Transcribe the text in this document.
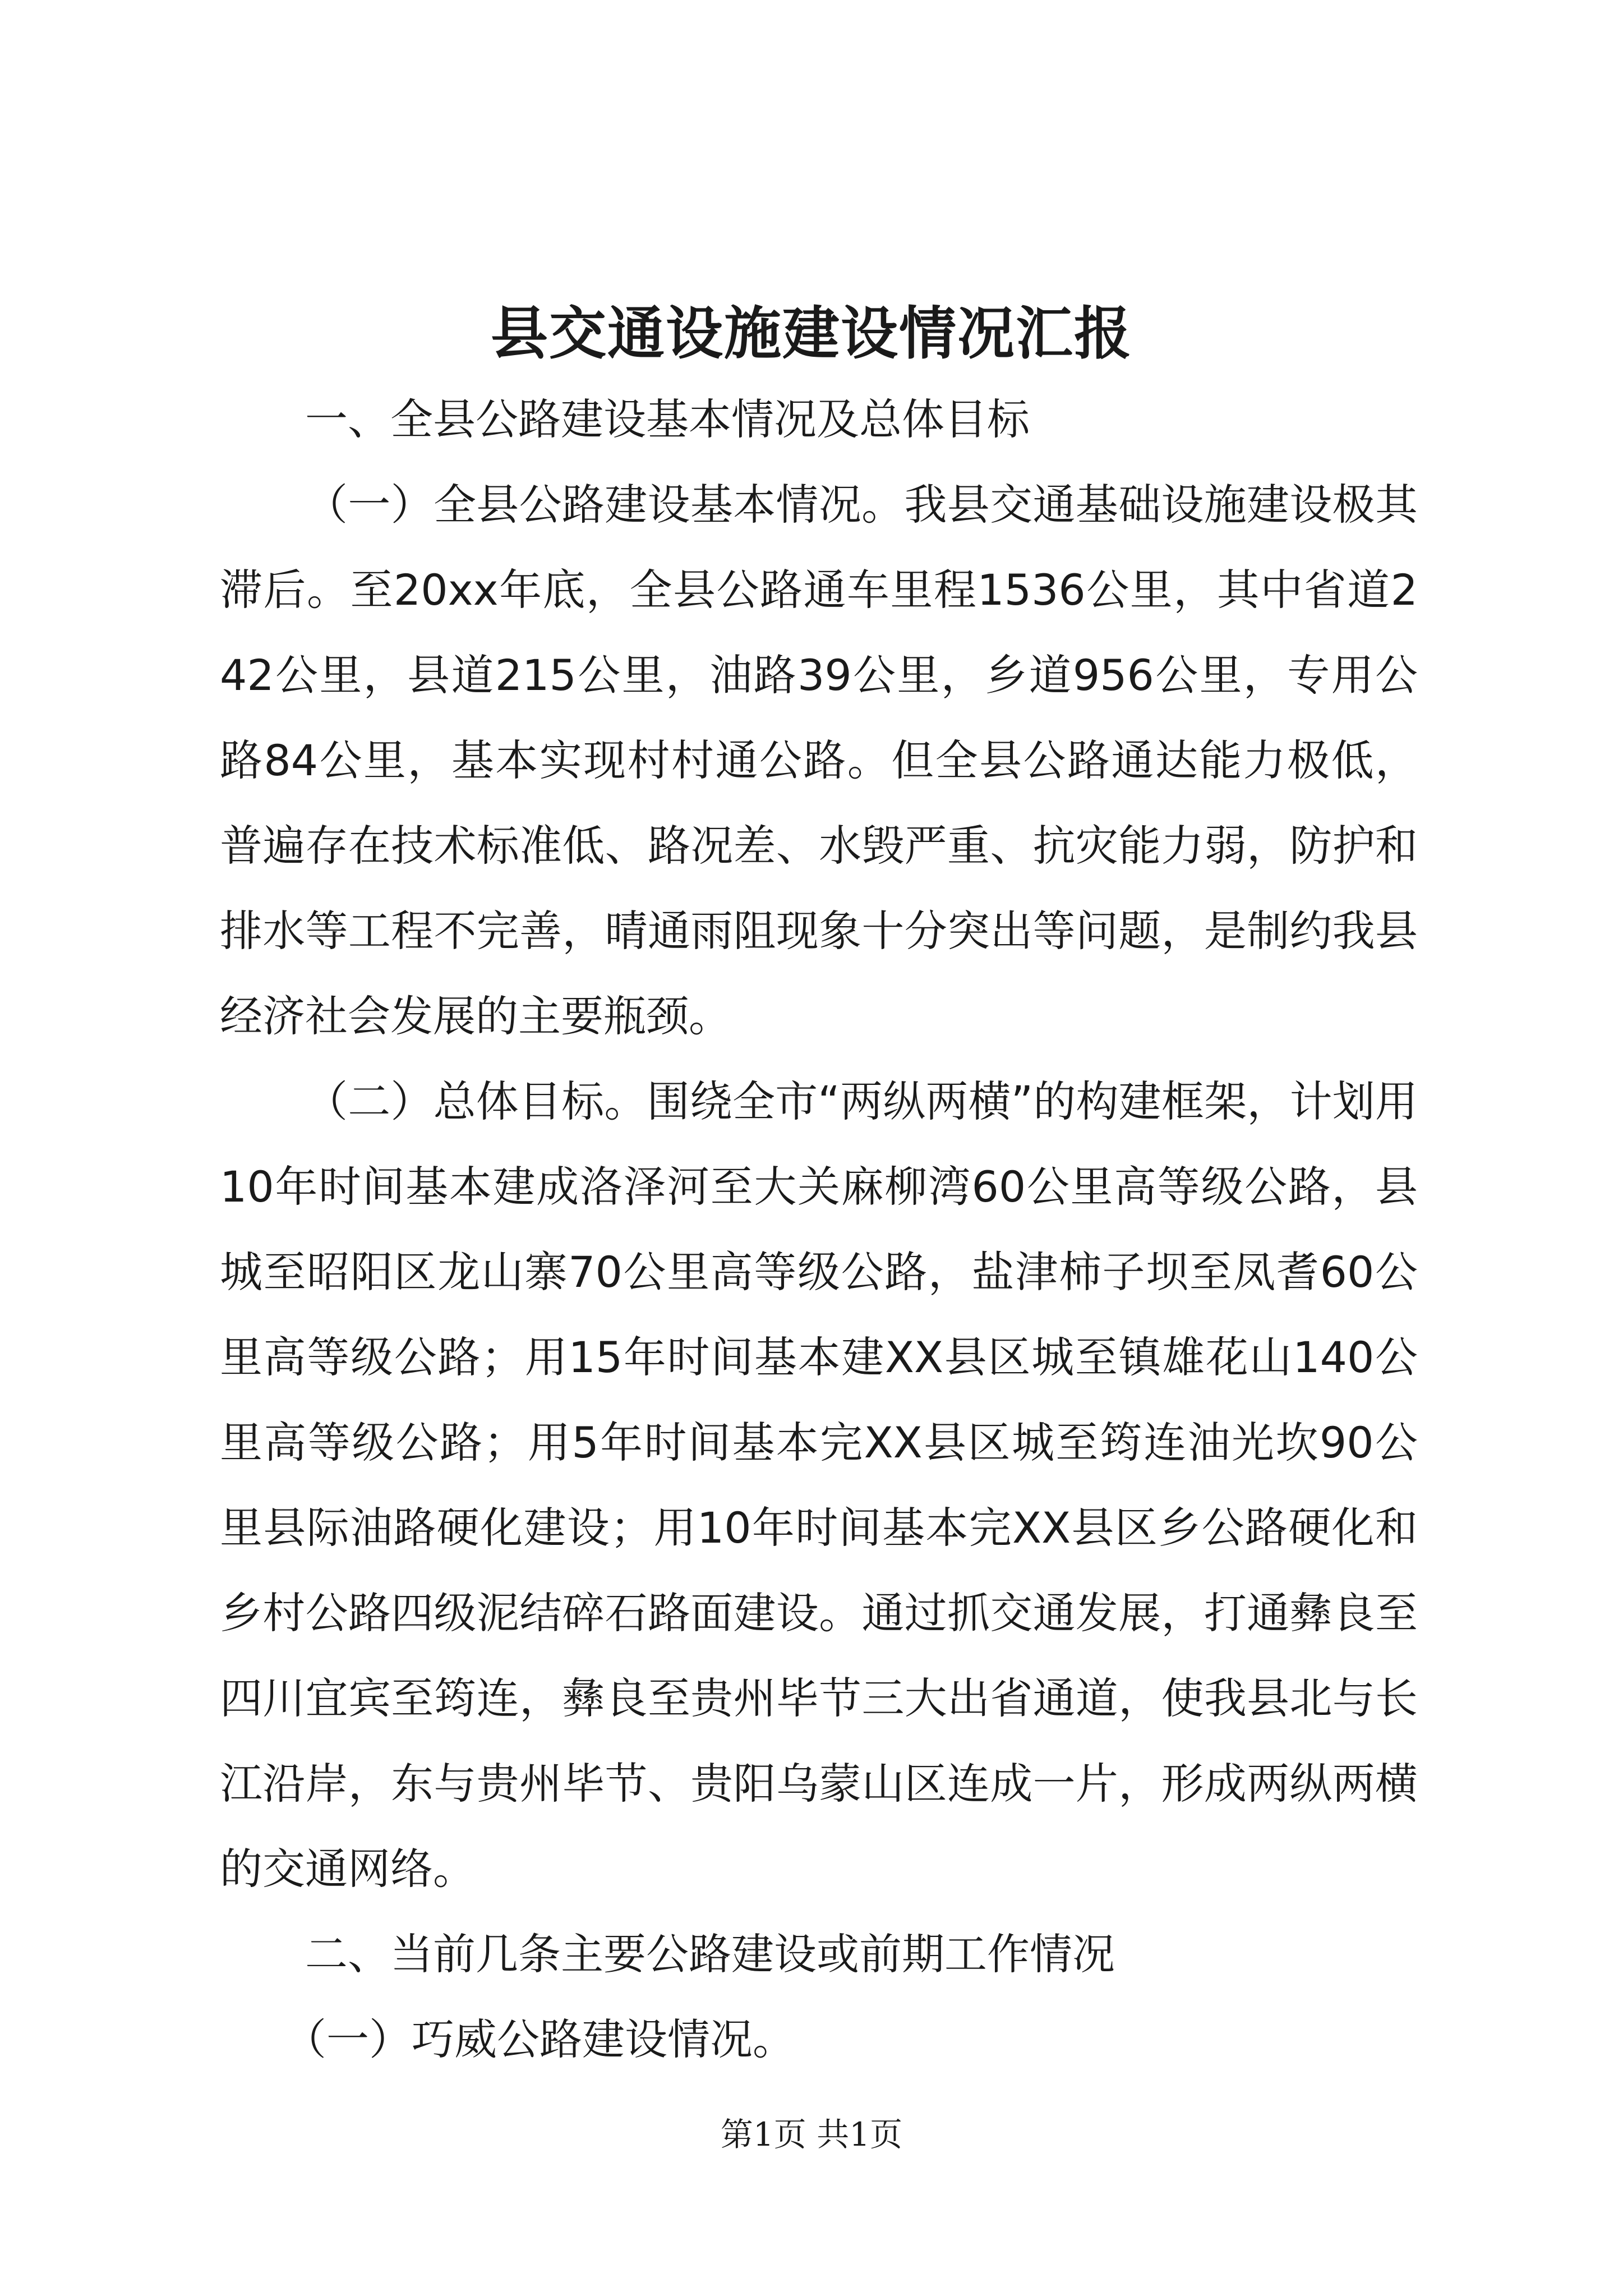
县交通设施建设情况汇报

一、全县公路建设基本情况及总体目标

（一）全县公路建设基本情况。我县交通基础设施建设极其滞后。至20xx年底，全县公路通车里程1536公里，其中省道242公里，县道215公里，油路39公里，乡道956公里，专用公路84公里，基本实现村村通公路。但全县公路通达能力极低，普遍存在技术标准低、路况差、水毁严重、抗灾能力弱，防护和排水等工程不完善，晴通雨阻现象十分突出等问题，是制约我县经济社会发展的主要瓶颈。

（二）总体目标。围绕全市“两纵两横”的构建框架，计划用10年时间基本建成洛泽河至大关麻柳湾60公里高等级公路，县城至昭阳区龙山寨70公里高等级公路，盐津柿子坝至凤耆60公里高等级公路；用15年时间基本建XX县区城至镇雄花山140公里高等级公路；用5年时间基本完XX县区城至筠连油光坎90公里县际油路硬化建设；用10年时间基本完XX县区乡公路硬化和乡村公路四级泥结碎石路面建设。通过抓交通发展，打通彝良至四川宜宾至筠连，彝良至贵州毕节三大出省通道，使我县北与长江沿岸，东与贵州毕节、贵阳乌蒙山区连成一片，形成两纵两横的交通网络。

二、当前几条主要公路建设或前期工作情况

（一）巧威公路建设情况。

第1页 共1页
